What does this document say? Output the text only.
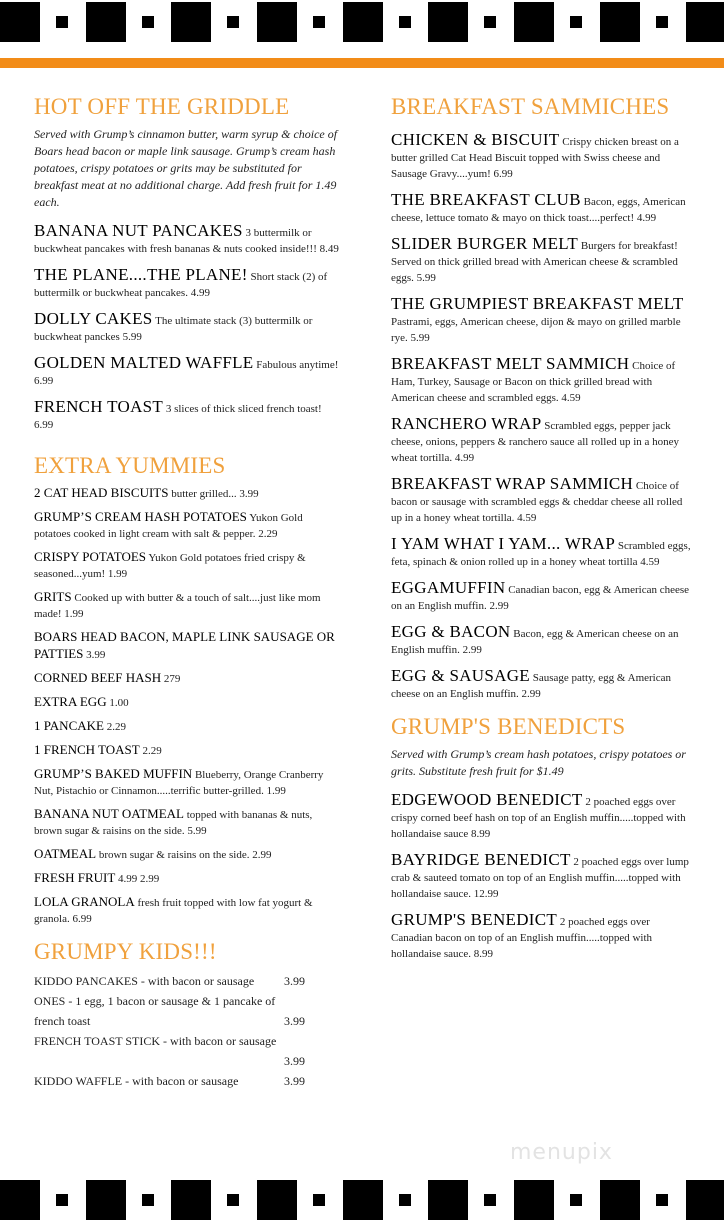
HOT OFF THE GRIDDLE

Served with Grump’s cinnamon butter, warm syrup & choice of Boars head bacon or maple link sausage. Grump’s cream hash potatoes, crispy potatoes or grits may be substituted for breakfast meat at no additional charge. Add fresh fruit for 1.49 each.

BANANA NUT PANCAKES 3 buttermilk or buckwheat pancakes with fresh bananas & nuts cooked inside!!! 8.49

THE PLANE....THE PLANE! Short stack (2) of buttermilk or buckwheat pancakes. 4.99

DOLLY CAKES The ultimate stack (3) buttermilk or buckwheat panckes 5.99

GOLDEN MALTED WAFFLE Fabulous anytime! 6.99

FRENCH TOAST 3 slices of thick sliced french toast! 6.99

EXTRA YUMMIES

2 CAT HEAD BISCUITS butter grilled... 3.99

GRUMP’S CREAM HASH POTATOES Yukon Gold potatoes cooked in light cream with salt & pepper. 2.29

CRISPY POTATOES Yukon Gold potatoes fried crispy & seasoned...yum! 1.99

GRITS Cooked up with butter & a touch of salt....just like mom made! 1.99

BOARS HEAD BACON, MAPLE LINK SAUSAGE OR PATTIES 3.99

CORNED BEEF HASH 279

EXTRA EGG 1.00

1 PANCAKE 2.29

1 FRENCH TOAST 2.29

GRUMP’S BAKED MUFFIN Blueberry, Orange Cranberry Nut, Pistachio or Cinnamon.....terrific butter-grilled. 1.99

BANANA NUT OATMEAL topped with bananas & nuts, brown sugar & raisins on the side. 5.99

OATMEAL brown sugar & raisins on the side. 2.99

FRESH FRUIT 4.99 2.99

LOLA GRANOLA fresh fruit topped with low fat yogurt & granola. 6.99

GRUMPY KIDS!!!
KIDDO PANCAKES - with bacon or sausage 3.99
ONES - 1 egg, 1 bacon or sausage & 1 pancake of
french toast	3.99
FRENCH TOAST STICK - with bacon or sausage
3.99
KIDDO WAFFLE - with bacon or sausage	3.99
BREAKFAST SAMMICHES

CHICKEN & BISCUIT Crispy chicken breast on a butter grilled Cat Head Biscuit topped with Swiss cheese and Sausage Gravy....yum! 6.99

THE BREAKFAST CLUB Bacon, eggs, American cheese, lettuce tomato & mayo on thick toast....perfect! 4.99

SLIDER BURGER MELT Burgers for breakfast! Served on thick grilled bread with American cheese & scrambled eggs. 5.99

THE GRUMPIEST BREAKFAST MELT Pastrami, eggs, American cheese, dijon & mayo on grilled marble rye. 5.99

BREAKFAST MELT SAMMICH Choice of Ham, Turkey, Sausage or Bacon on thick grilled bread with American cheese and scrambled eggs. 4.59

RANCHERO WRAP Scrambled eggs, pepper jack cheese, onions, peppers & ranchero sauce all rolled up in a honey wheat tortilla. 4.99

BREAKFAST WRAP SAMMICH Choice of bacon or sausage with scrambled eggs & cheddar cheese all rolled up in a honey wheat tortilla. 4.59

I YAM WHAT I YAM... WRAP Scrambled eggs, feta, spinach & onion rolled up in a honey wheat tortilla 4.59

EGGAMUFFIN Canadian bacon, egg & American cheese on an English muffin. 2.99

EGG & BACON Bacon, egg & American cheese on an English muffin. 2.99

EGG & SAUSAGE Sausage patty, egg & American cheese on an English muffin. 2.99

GRUMP'S BENEDICTS

Served with Grump’s cream hash potatoes, crispy potatoes or grits. Substitute fresh fruit for $1.49

EDGEWOOD BENEDICT 2 poached eggs over crispy corned beef hash on top of an English muffin.....topped with hollandaise sauce 8.99

BAYRIDGE BENEDICT 2 poached eggs over lump crab & sauteed tomato on top of an English muffin.....topped with hollandaise sauce. 12.99

GRUMP'S BENEDICT 2 poached eggs over Canadian bacon on top of an English muffin.....topped with hollandaise sauce. 8.99

menupix
